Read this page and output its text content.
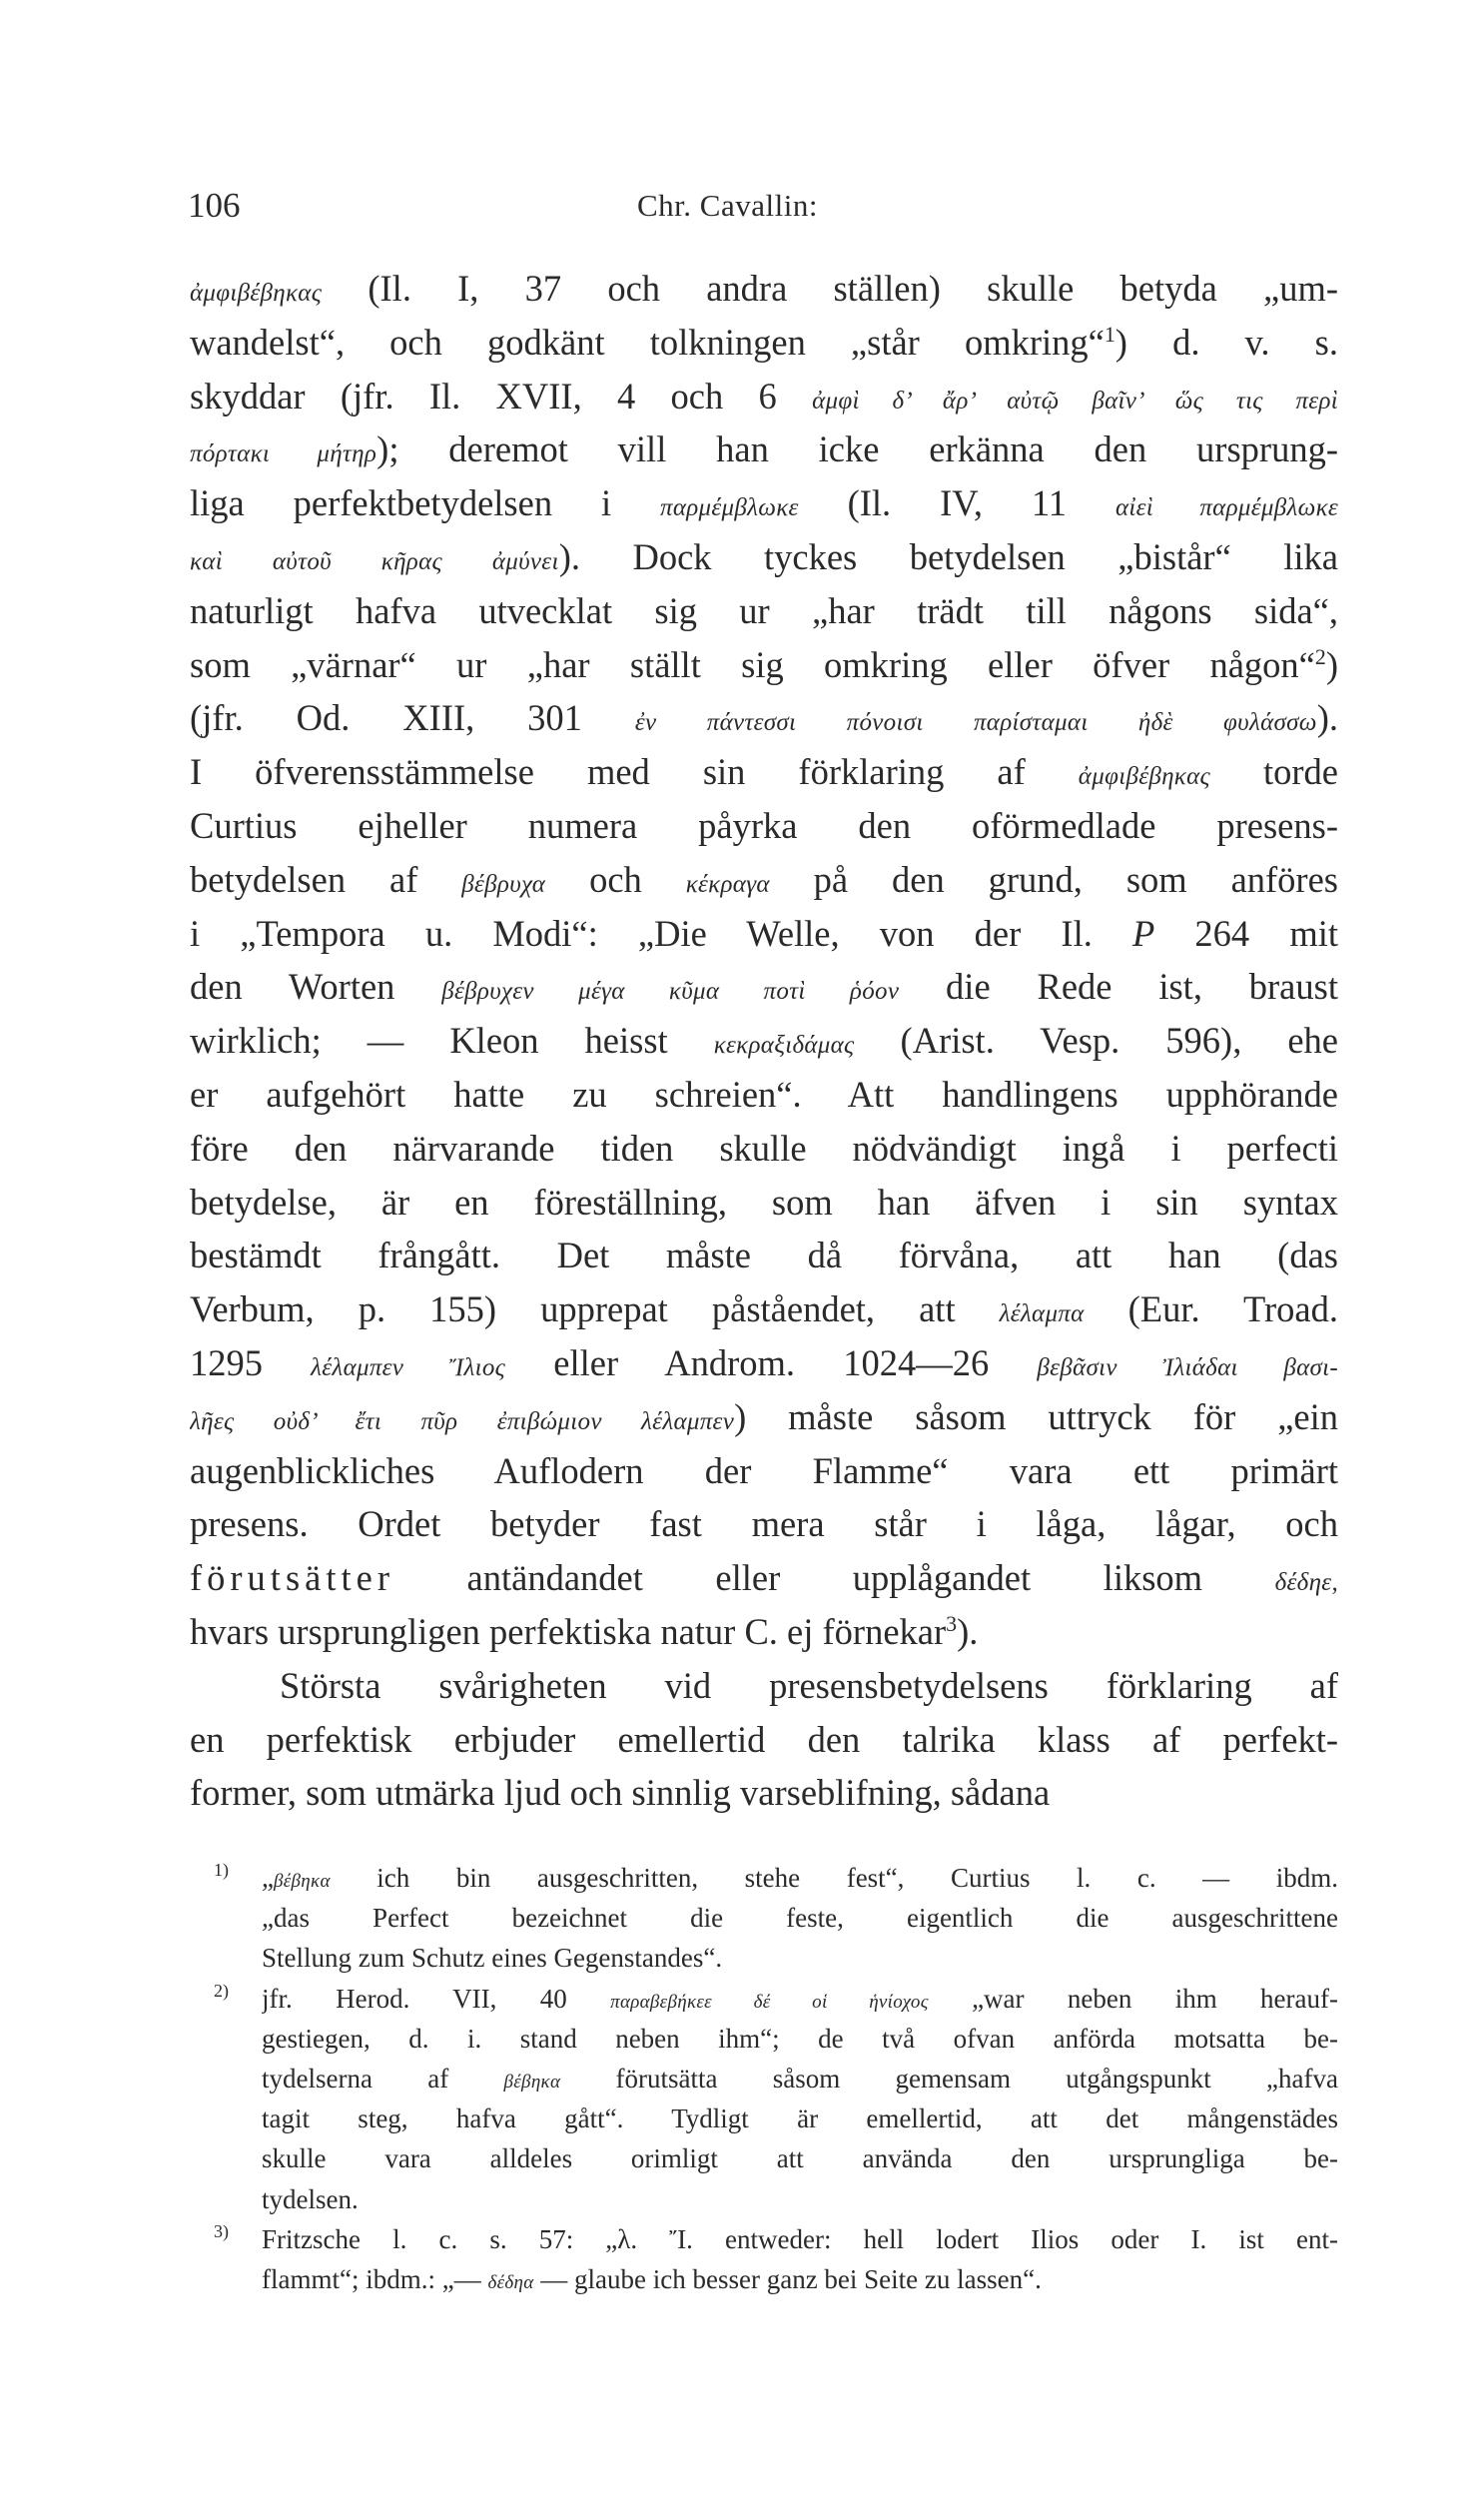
106	Chr. Cavallin:
ἀμφιβέβηκας (Il. I, 37 och andra ställen) skulle betyda „um-
wandelst“, och godkänt tolkningen „står omkring“$^1$) d. v. s.
skyddar (jfr. Il. XVII, 4 och 6 ἀμφὶ δ’ ἄρ’ αὐτῷ βαῖν’ ὥς τις περὶ
πόρτακι μήτηρ); deremot vill han icke erkänna den ursprung-
liga perfektbetydelsen i παρμέμβλωκε (Il. IV, 11 αἰεὶ παρμέμβλωκε
καὶ αὐτοῦ κῆρας ἀμύνει). Dock tyckes betydelsen „bistår“ lika
naturligt hafva utvecklat sig ur „har trädt till någons sida“,
som „värnar“ ur „har ställt sig omkring eller öfver någon“$^2$)
(jfr. Od. XIII, 301 ἐν πάντεσσι πόνοισι παρίσταμαι ἠδὲ φυλάσσω).
I öfverensstämmelse med sin förklaring af ἀμφιβέβηκας torde
Curtius ejheller numera påyrka den oförmedlade presens-
betydelsen af βέβρυχα och κέκραγα på den grund, som anföres
i „Tempora u. Modi“: „Die Welle, von der Il. P 264 mit
den Worten βέβρυχεν μέγα κῦμα ποτὶ ῥόον die Rede ist, braust
wirklich; — Kleon heisst κεκραξιδάμας (Arist. Vesp. 596), ehe
er aufgehört hatte zu schreien“. Att handlingens upphörande
före den närvarande tiden skulle nödvändigt ingå i perfecti
betydelse, är en föreställning, som han äfven i sin syntax
bestämdt frångått. Det måste då förvåna, att han (das
Verbum, p. 155) upprepat påståendet, att λέλαμπα (Eur. Troad.
1295 λέλαμπεν Ἴλιος eller Androm. 1024—26 βεβᾶσιν Ἰλιάδαι βασι-
λῆες οὐδ’ ἔτι πῦρ ἐπιβώμιον λέλαμπεν) måste såsom uttryck för „ein
augenblickliches Auflodern der Flamme“ vara ett primärt
presens. Ordet betyder fast mera står i låga, lågar, och
förutsätter antändandet eller upplågandet liksom δέδηε,
hvars ursprungligen perfektiska natur C. ej förnekar$^3$).
Största svårigheten vid presensbetydelsens förklaring af
en perfektisk erbjuder emellertid den talrika klass af perfekt-
former, som utmärka ljud och sinnlig varseblifning, sådana
1) „βέβηκα ich bin ausgeschritten, stehe fest“, Curtius l. c. — ibdm.
„das Perfect bezeichnet die feste, eigentlich die ausgeschrittene
Stellung zum Schutz eines Gegenstandes“.
2) jfr. Herod. VII, 40 παραβεβήκεε δέ οἱ ἡνίοχος „war neben ihm herauf-
gestiegen, d. i. stand neben ihm“; de två ofvan anförda motsatta be-
tydelserna af βέβηκα förutsätta såsom gemensam utgångspunkt „hafva
tagit steg, hafva gått“. Tydligt är emellertid, att det mångenstädes
skulle vara alldeles orimligt att använda den ursprungliga be-
tydelsen.
3) Fritzsche l. c. s. 57: „λ. Ἴ. entweder: hell lodert Ilios oder I. ist ent-
flammt“; ibdm.: „— δέδηα — glaube ich besser ganz bei Seite zu lassen“.
